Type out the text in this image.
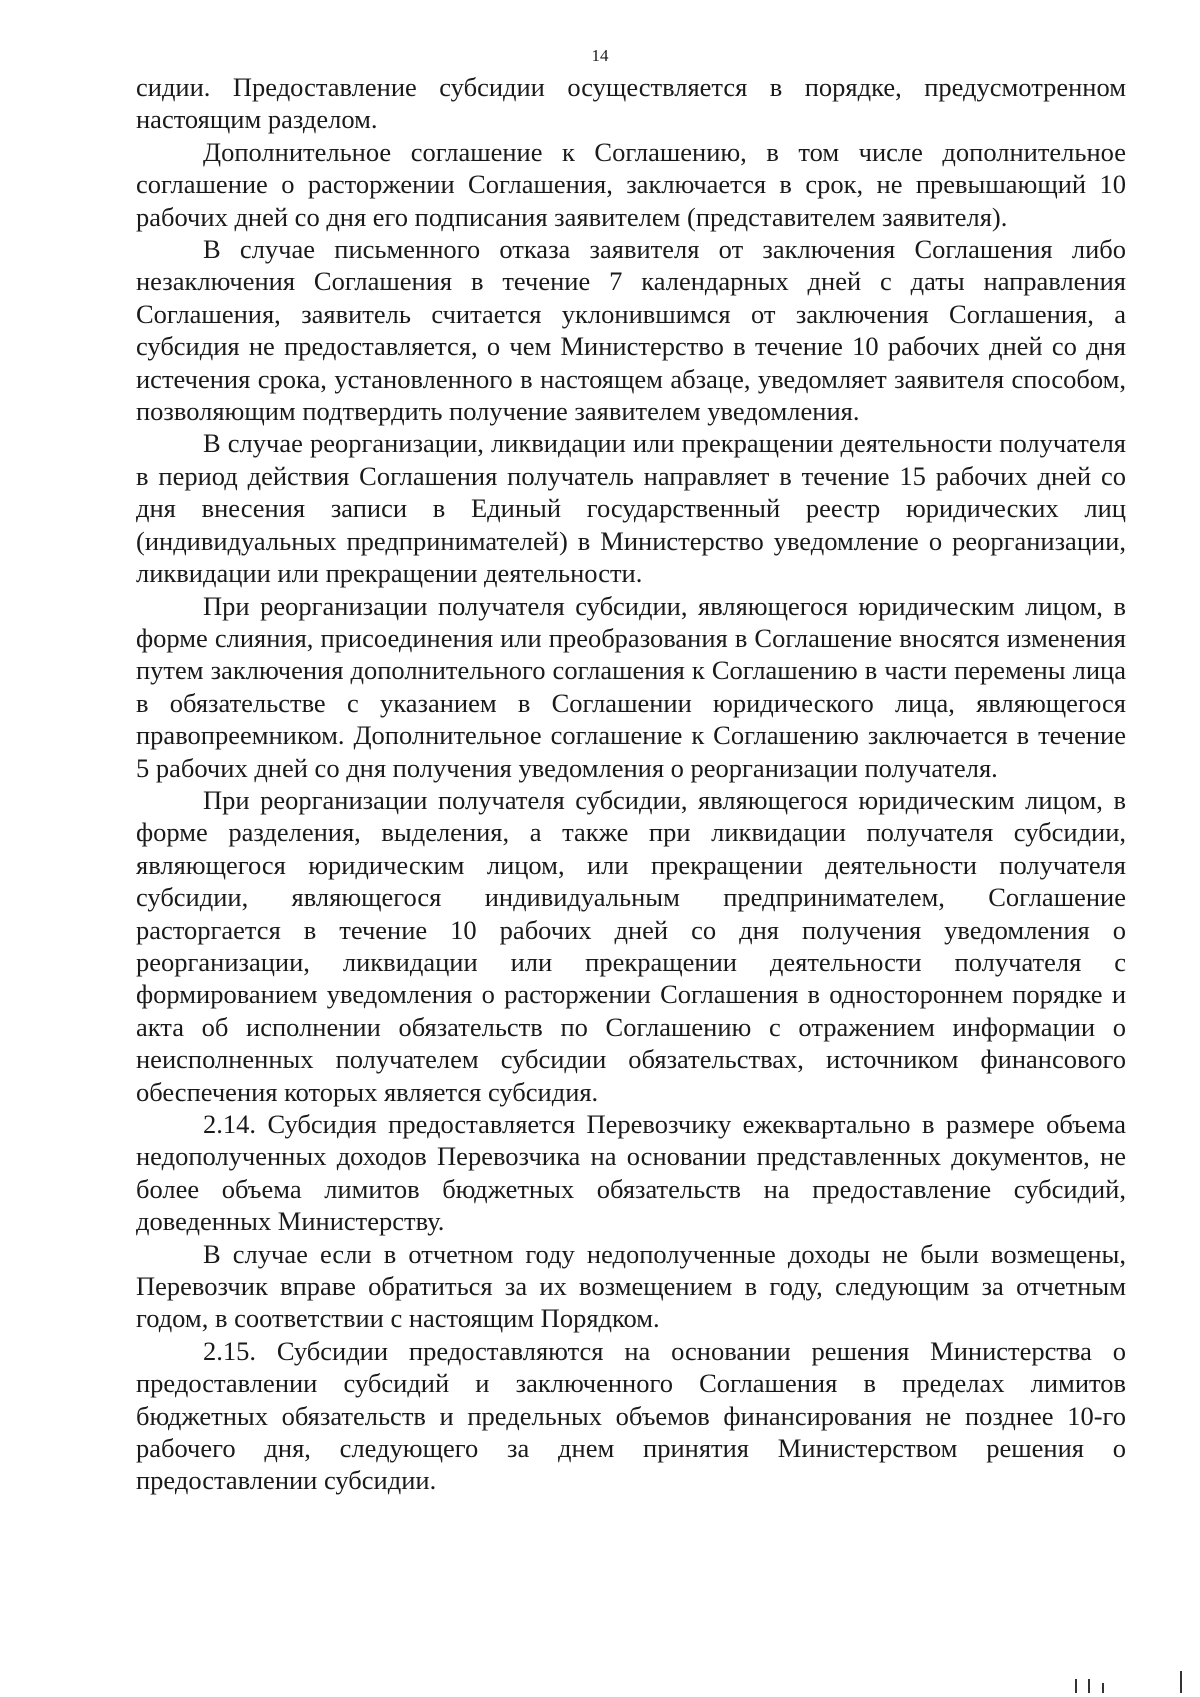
14

сидии. Предоставление субсидии осуществляется в порядке, предусмотренном настоящим разделом.

Дополнительное соглашение к Соглашению, в том числе дополнительное соглашение о расторжении Соглашения, заключается в срок, не превышающий 10 рабочих дней со дня его подписания заявителем (представителем заявителя).

В случае письменного отказа заявителя от заключения Соглашения либо незаключения Соглашения в течение 7 календарных дней с даты направления Соглашения, заявитель считается уклонившимся от заключения Соглашения, а субсидия не предоставляется, о чем Министерство в течение 10 рабочих дней со дня истечения срока, установленного в настоящем абзаце, уведомляет заявителя способом, позволяющим подтвердить получение заявителем уведомления.

В случае реорганизации, ликвидации или прекращении деятельности получателя в период действия Соглашения получатель направляет в течение 15 рабочих дней со дня внесения записи в Единый государственный реестр юридических лиц (индивидуальных предпринимателей) в Министерство уведомление о реорганизации, ликвидации или прекращении деятельности.

При реорганизации получателя субсидии, являющегося юридическим лицом, в форме слияния, присоединения или преобразования в Соглашение вносятся изменения путем заключения дополнительного соглашения к Соглашению в части перемены лица в обязательстве с указанием в Соглашении юридического лица, являющегося правопреемником. Дополнительное соглашение к Соглашению заключается в течение 5 рабочих дней со дня получения уведомления о реорганизации получателя.

При реорганизации получателя субсидии, являющегося юридическим лицом, в форме разделения, выделения, а также при ликвидации получателя субсидии, являющегося юридическим лицом, или прекращении деятельности получателя субсидии, являющегося индивидуальным предпринимателем, Соглашение расторгается в течение 10 рабочих дней со дня получения уведомления о реорганизации, ликвидации или прекращении деятельности получателя с формированием уведомления о расторжении Соглашения в одностороннем порядке и акта об исполнении обязательств по Соглашению с отражением информации о неисполненных получателем субсидии обязательствах, источником финансового обеспечения которых является субсидия.

2.14. Субсидия предоставляется Перевозчику ежеквартально в размере объема недополученных доходов Перевозчика на основании представленных документов, не более объема лимитов бюджетных обязательств на предоставление субсидий, доведенных Министерству.

В случае если в отчетном году недополученные доходы не были возмещены, Перевозчик вправе обратиться за их возмещением в году, следующим за отчетным годом, в соответствии с настоящим Порядком.

2.15. Субсидии предоставляются на основании решения Министерства о предоставлении субсидий и заключенного Соглашения в пределах лимитов бюджетных обязательств и предельных объемов финансирования не позднее 10-го рабочего дня, следующего за днем принятия Министерством решения о предоставлении субсидии.
